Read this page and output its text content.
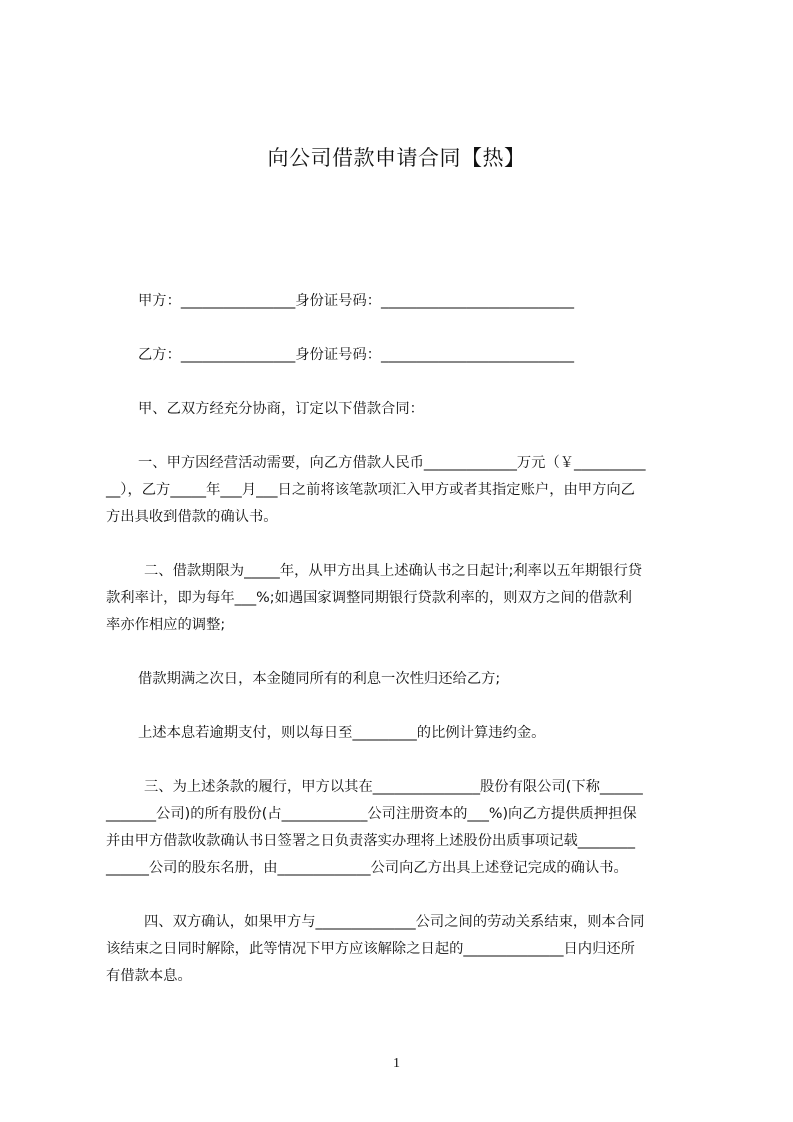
向公司借款申请合同【热】
甲方：________________身份证号码：___________________________
乙方：________________身份证号码：___________________________
甲、乙双方经充分协商，订定以下借款合同：
一、甲方因经营活动需要，向乙方借款人民币_____________万元（￥__________
__），乙方_____年___月___日之前将该笔款项汇入甲方或者其指定账户，由甲方向乙
方出具收到借款的确认书。
二、借款期限为_____年，从甲方出具上述确认书之日起计;利率以五年期银行贷
款利率计，即为每年___%;如遇国家调整同期银行贷款利率的，则双方之间的借款利
率亦作相应的调整;
借款期满之次日，本金随同所有的利息一次性归还给乙方;
上述本息若逾期支付，则以每日至_________的比例计算违约金。
三、为上述条款的履行，甲方以其在_______________股份有限公司(下称______
_______公司)的所有股份(占____________公司注册资本的___%)向乙方提供质押担保
并由甲方借款收款确认书日签署之日负责落实办理将上述股份出质事项记载________
______公司的股东名册，由_____________公司向乙方出具上述登记完成的确认书。
四、双方确认，如果甲方与______________公司之间的劳动关系结束，则本合同
该结束之日同时解除，此等情况下甲方应该解除之日起的______________日内归还所
有借款本息。
1
